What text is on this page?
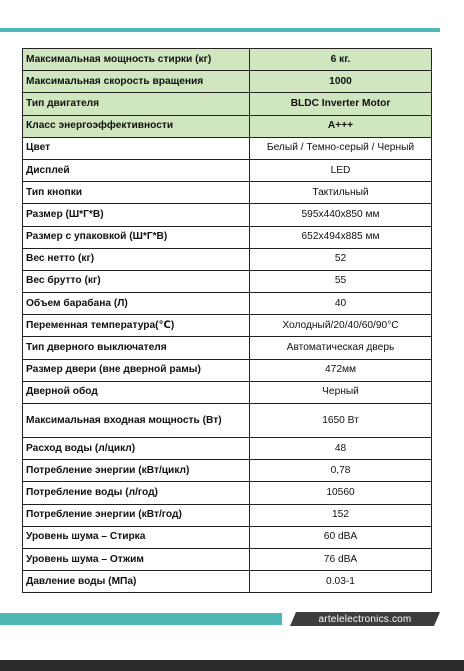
Максимальная мощность стирки (кг)	6 кг.
Максимальная скорость вращения	1000
Тип двигателя	BLDC Inverter Motor
Класс энергоэффективности	A+++
Цвет	Белый / Темно-серый / Черный
Дисплей	LED
Тип кнопки	Тактильный
Размер (Ш*Г*В)	595x440x850 мм
Размер с упаковкой (Ш*Г*В)	652x494x885 мм
Вес нетто (кг)	52
Вес брутто (кг)	55
Объем барабана (Л)	40
Переменная температура(℃)	Холодный/20/40/60/90°C
Тип дверного выключателя	Автоматическая дверь
Размер двери (вне дверной рамы)	472мм
Дверной обод	Черный
Максимальная входная мощность (Вт)	1650 Вт
Расход воды (л/цикл)	48
Потребление энергии (кВт/цикл)	0,78
Потребление воды (л/год)	10560
Потребление энергии (кВт/год)	152
Уровень шума – Стирка	60 dBA
Уровень шума – Отжим	76 dBA
Давление воды (МПа)	0.03-1
artelelectronics.com
